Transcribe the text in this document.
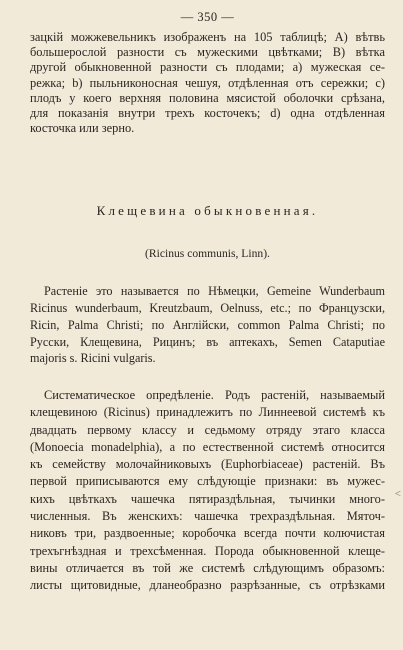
— 350 —
зацкій можжевельникъ изображенъ на 105 таблицѣ; A) вѣтвь
большерослой разности съ мужескими цвѣтками; B) вѣтка
другой обыкновенной разности съ плодами; a) мужеская се-
режка; b) пыльниконосная чешуя, отдѣленная отъ сережки; c)
плодъ у коего верхняя половина мясистой оболочки срѣзана,
для показанія внутри трехъ косточекъ; d) одна отдѣленная
косточка или зерно.
Клещевина обыкновенная.
(Ricinus communis, Linn).
Растеніе это называется по Нѣмецки, Gemeine Wunderbaum
Ricinus wunderbaum, Kreutzbaum, Oelnuss, etc.; по Французски,
Ricin, Palma Christi; по Англійски, common Palma Christi; по
Русски, Клещевина, Рицинъ; въ аптекахъ, Semen Cataputiae
majoris s. Ricini vulgaris.
Систематическое опредѣленіе. Родъ растеній, называемый
клещевиною (Ricinus) принадлежитъ по Линнеевой системѣ къ
двадцать первому классу и седьмому отряду этаго класса
(Monoecia monadelphia), а по естественной системѣ относится
къ семейству молочайниковыхъ (Euphorbiaceae) растеній. Въ
первой приписываются ему слѣдующіе признаки: въ мужес-
кихъ цвѣткахъ чашечка пятираздѣльная, тычинки много-
численныя. Въ женскихъ: чашечка трехраздѣльная. Мяточ-
никовъ три, раздвоенные; коробочка всегда почти колючистая
трехъгнѣздная и трехсѣменная. Порода обыкновенной клещe-
вины отличается въ той же системѣ слѣдующимъ образомъ:
листы щитовидные, дланеобразно разрѣзанные, съ отрѣзками
<
